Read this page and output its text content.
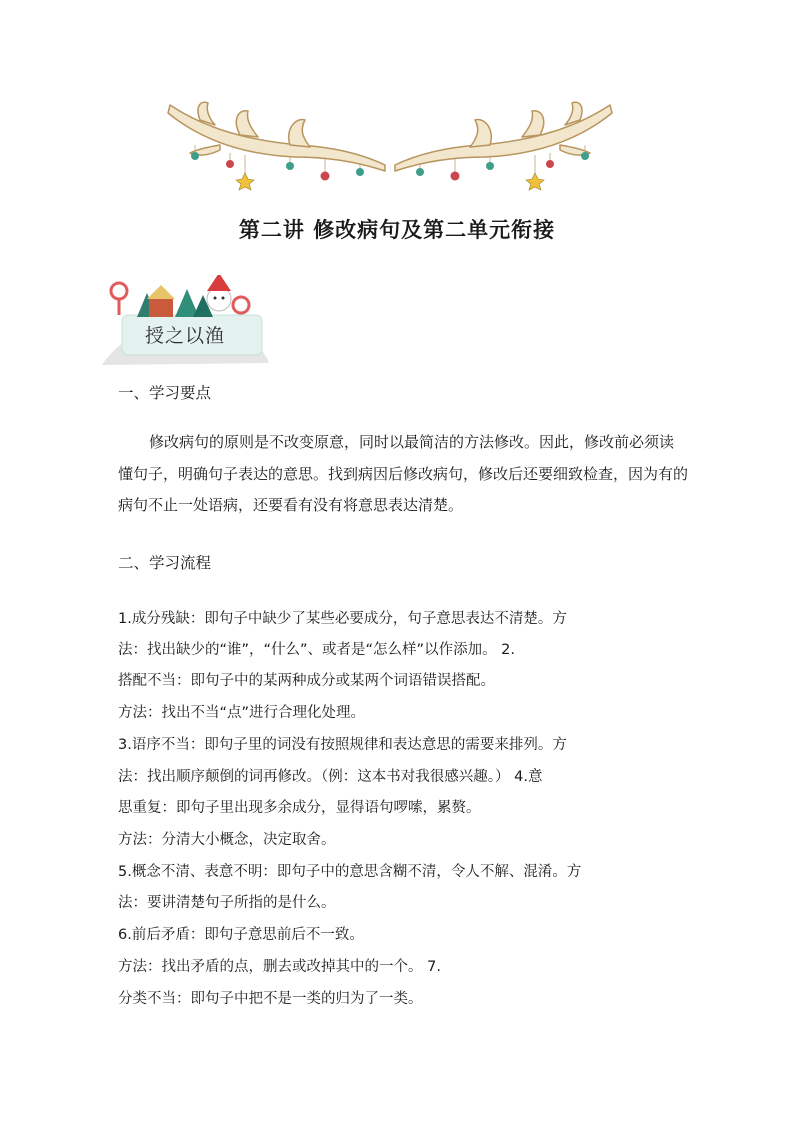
第二讲 修改病句及第二单元衔接
授之以渔
一、学习要点
修改病句的原则是不改变原意，同时以最简洁的方法修改。因此，修改前必须读懂句子，明确句子表达的意思。找到病因后修改病句，修改后还要细致检查，因为有的病句不止一处语病，还要看有没有将意思表达清楚。
二、学习流程
1.成分残缺：即句子中缺少了某些必要成分，句子意思表达不清楚。方
法：找出缺少的“谁”，“什么”、或者是“怎么样”以作添加。 2.
搭配不当：即句子中的某两种成分或某两个词语错误搭配。
方法：找出不当“点”进行合理化处理。
3.语序不当：即句子里的词没有按照规律和表达意思的需要来排列。方
法：找出顺序颠倒的词再修改。（例：这本书对我很感兴趣。） 4.意
思重复：即句子里出现多余成分，显得语句啰嗦，累赘。
方法：分清大小概念，决定取舍。
5.概念不清、表意不明：即句子中的意思含糊不清，令人不解、混淆。方
法：要讲清楚句子所指的是什么。
6.前后矛盾：即句子意思前后不一致。
方法：找出矛盾的点，删去或改掉其中的一个。 7.
分类不当：即句子中把不是一类的归为了一类。
